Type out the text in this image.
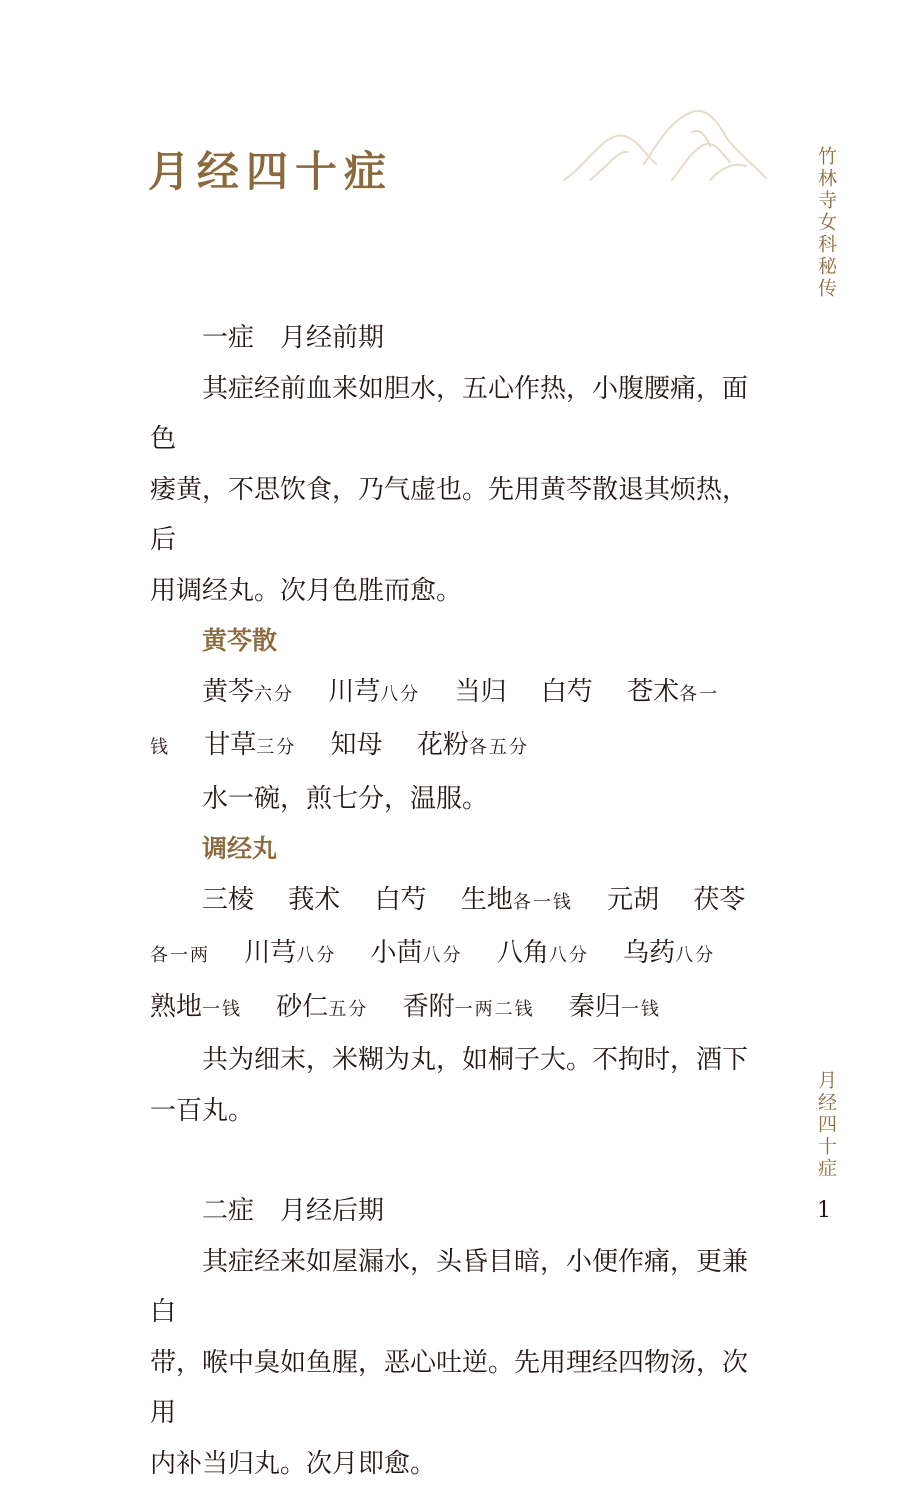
月经四十症	竹林寺女科秘传
月经四十症
1

一症 月经前期

其症经前血来如胆水，五心作热，小腹腰痛，面色

痿黄，不思饮食，乃气虚也。先用黄芩散退其烦热，后

用调经丸。次月色胜而愈。

黄芩散

黄芩六分 川芎八分 当归 白芍 苍术各一

钱 甘草三分 知母 花粉各五分

水一碗，煎七分，温服。

调经丸

三棱 莪术 白芍 生地各一钱 元胡 茯苓

各一两 川芎八分 小茴八分 八角八分 乌药八分

熟地一钱 砂仁五分 香附一两二钱 秦归一钱

共为细末，米糊为丸，如桐子大。不拘时，酒下

一百丸。

二症 月经后期

其症经来如屋漏水，头昏目暗，小便作痛，更兼白

带，喉中臭如鱼腥，恶心吐逆。先用理经四物汤，次用

内补当归丸。次月即愈。
